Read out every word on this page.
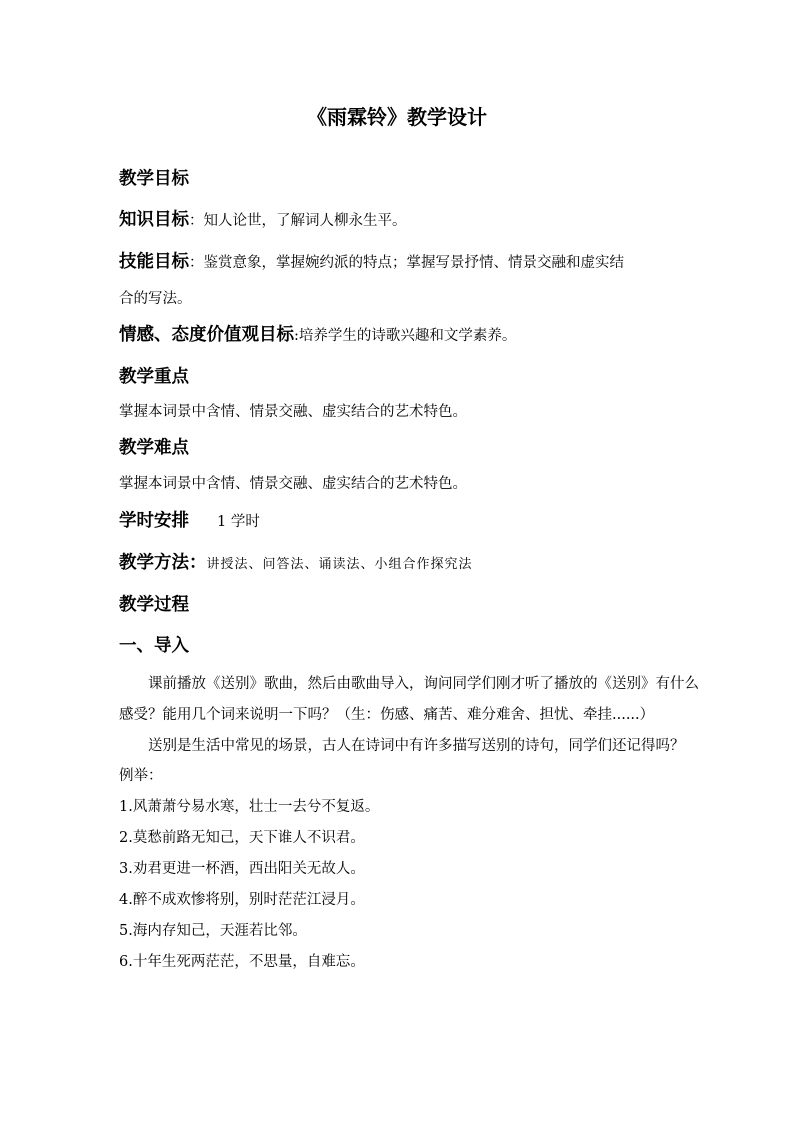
《雨霖铃》教学设计
教学目标
知识目标：知人论世，了解词人柳永生平。
技能目标：鉴赏意象，掌握婉约派的特点；掌握写景抒情、情景交融和虚实结
合的写法。
情感、态度价值观目标:培养学生的诗歌兴趣和文学素养。
教学重点
掌握本词景中含情、情景交融、虚实结合的艺术特色。
教学难点
掌握本词景中含情、情景交融、虚实结合的艺术特色。
学时安排 1 学时
教学方法：讲授法、问答法、诵读法、小组合作探究法
教学过程
一、导入
课前播放《送别》歌曲，然后由歌曲导入，询问同学们刚才听了播放的《送别》有什么
感受？能用几个词来说明一下吗？（生：伤感、痛苦、难分难舍、担忧、牵挂......）
送别是生活中常见的场景，古人在诗词中有许多描写送别的诗句，同学们还记得吗？
例举：
1.风萧萧兮易水寒，壮士一去兮不复返。
2.莫愁前路无知己，天下谁人不识君。
3.劝君更进一杯酒，西出阳关无故人。
4.醉不成欢惨将别，别时茫茫江浸月。
5.海内存知己，天涯若比邻。
6.十年生死两茫茫，不思量，自难忘。
